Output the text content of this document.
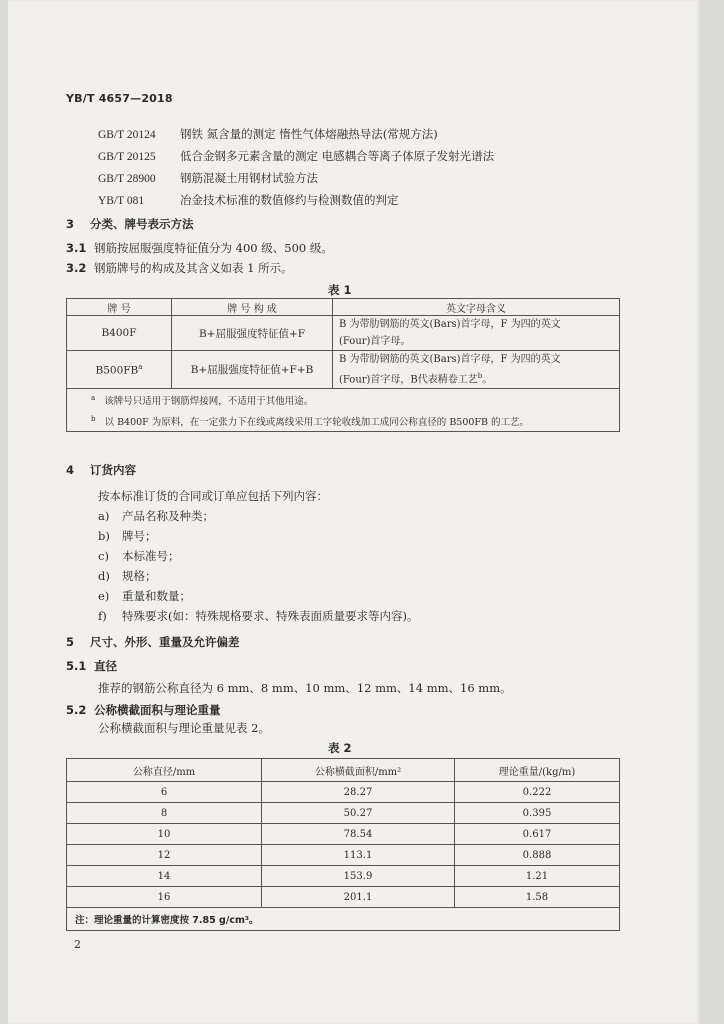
YB/T 4657—2018
GB/T 20124 钢铁 氮含量的测定 惰性气体熔融热导法(常规方法)
GB/T 20125 低合金钢多元素含量的测定 电感耦合等离子体原子发射光谱法
GB/T 28900 钢筋混凝土用钢材试验方法
YB/T 081	冶金技术标准的数值修约与检测数值的判定
3 分类、牌号表示方法
3.1 钢筋按屈服强度特征值分为 400 级、500 级。
3.2 钢筋牌号的构成及其含义如表 1 所示。
表 1
牌 号	牌 号 构 成	英文字母含义
B400F	B+屈服强度特征值+F	B 为带肋钢筋的英文(Bars)首字母，F 为四的英文
(Four)首字母。

$B500FB^a$	B+屈服强度特征值+F+B	B 为带肋钢筋的英文(Bars)首字母，F 为四的英文
(Four)首字母，B代表精卷工艺$^b$。

$^a$ 该牌号只适用于钢筋焊接网，不适用于其他用途。		
$^b$ 以 B400F 为原料，在一定张力下在线或离线采用工字轮收线加工成同公称直径的 B500FB 的工艺。		
4 订货内容
按本标准订货的合同或订单应包括下列内容：
a) 产品名称及种类；
b) 牌号；
c) 本标准号；
d) 规格；
e) 重量和数量；
f) 特殊要求(如：特殊规格要求、特殊表面质量要求等内容)。
5 尺寸、外形、重量及允许偏差
5.1 直径
推荐的钢筋公称直径为 6 mm、8 mm、10 mm、12 mm、14 mm、16 mm。
5.2 公称横截面积与理论重量
公称横截面积与理论重量见表 2。
表 2
公称直径/mm	公称横截面积/mm²	理论重量/(kg/m)
6	28.27	0.222
8	50.27	0.395
10	78.54	0.617
12	113.1	0.888
14	153.9	1.21
16	201.1	1.58
注：理论重量的计算密度按 7.85 g/cm³。		
2
